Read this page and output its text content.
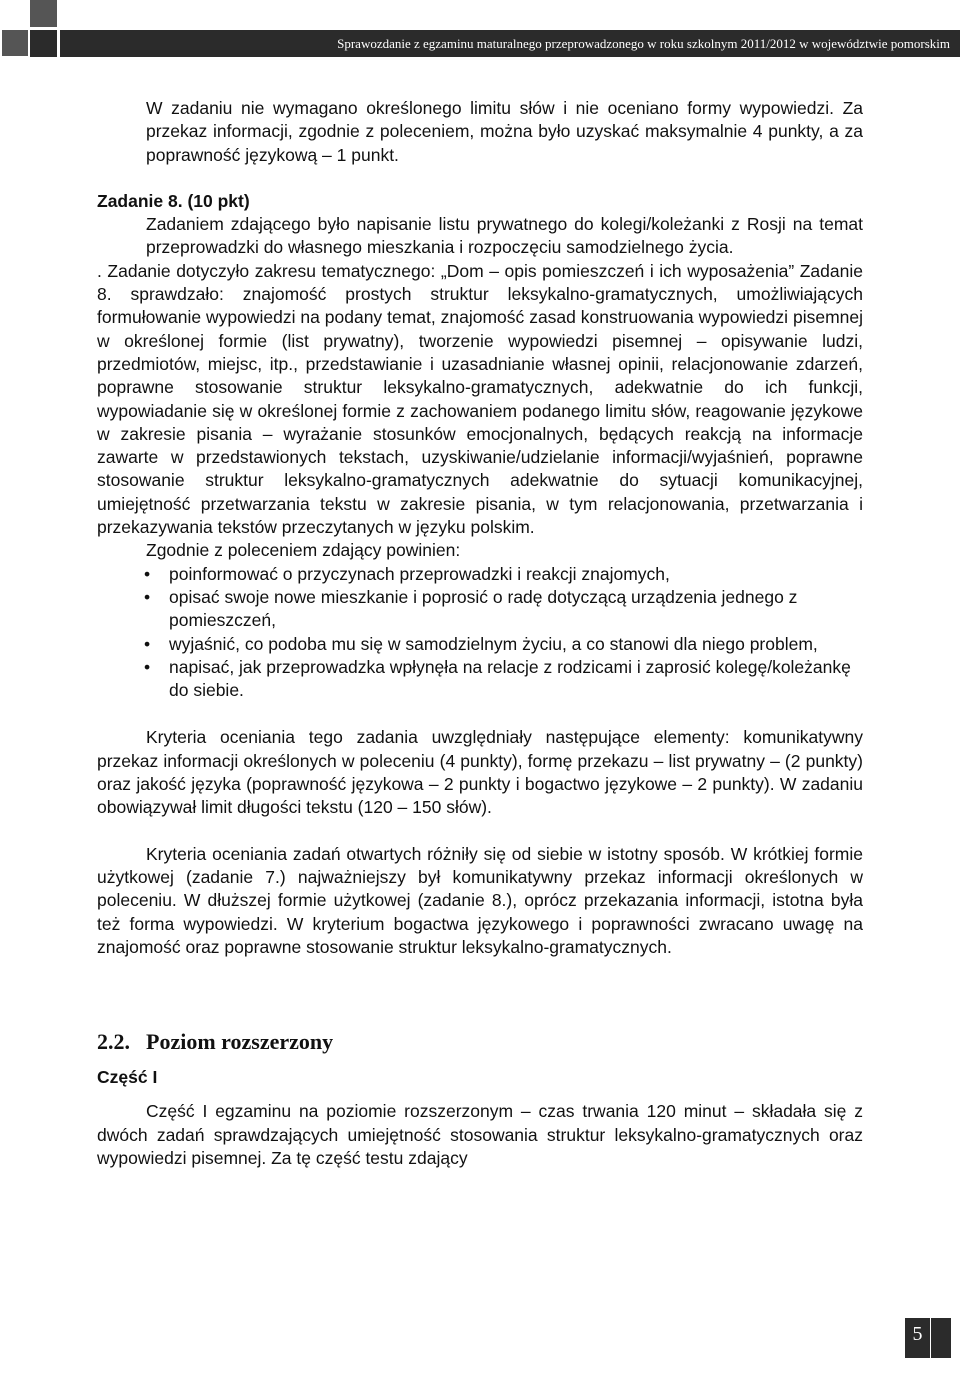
Sprawozdanie z egzaminu maturalnego przeprowadzonego w roku szkolnym 2011/2012 w województwie pomorskim

W zadaniu nie wymagano określonego limitu słów i nie oceniano formy wypowiedzi. Za przekaz informacji, zgodnie z poleceniem, można było uzyskać maksymalnie 4 punkty, a za poprawność językową – 1 punkt.

Zadanie 8. (10 pkt)

Zadaniem zdającego było napisanie listu prywatnego do kolegi/koleżanki z Rosji na temat przeprowadzki do własnego mieszkania i rozpoczęciu samodzielnego życia.

. Zadanie dotyczyło zakresu tematycznego: „Dom – opis pomieszczeń i ich wyposażenia” Zadanie 8. sprawdzało: znajomość prostych struktur leksykalno-gramatycznych, umożliwiających formułowanie wypowiedzi na podany temat, znajomość zasad konstruowania wypowiedzi pisemnej w określonej formie (list prywatny), tworzenie wypowiedzi pisemnej – opisywanie ludzi, przedmiotów, miejsc, itp., przedstawianie i uzasadnianie własnej opinii, relacjonowanie zdarzeń, poprawne stosowanie struktur leksykalno-gramatycznych, adekwatnie do ich funkcji, wypowiadanie się w określonej formie z zachowaniem podanego limitu słów, reagowanie językowe w zakresie pisania – wyrażanie stosunków emocjonalnych, będących reakcją na informacje zawarte w przedstawionych tekstach, uzyskiwanie/udzielanie informacji/wyjaśnień, poprawne stosowanie struktur leksykalno-gramatycznych adekwatnie do sytuacji komunikacyjnej, umiejętność przetwarzania tekstu w zakresie pisania, w tym relacjonowania, przetwarzania i przekazywania tekstów przeczytanych w języku polskim.

Zgodnie z poleceniem zdający powinien:

• poinformować o przyczynach przeprowadzki i reakcji znajomych,
• opisać swoje nowe mieszkanie i poprosić o radę dotyczącą urządzenia jednego z pomieszczeń,
• wyjaśnić, co podoba mu się w samodzielnym życiu, a co stanowi dla niego problem,
• napisać, jak przeprowadzka wpłynęła na relacje z rodzicami i zaprosić kolegę/koleżankę do siebie.

Kryteria oceniania tego zadania uwzględniały następujące elementy: komunikatywny przekaz informacji określonych w poleceniu (4 punkty), formę przekazu – list prywatny – (2 punkty) oraz jakość języka (poprawność językowa – 2 punkty i bogactwo językowe – 2 punkty). W zadaniu obowiązywał limit długości tekstu (120 – 150 słów).

Kryteria oceniania zadań otwartych różniły się od siebie w istotny sposób. W krótkiej formie użytkowej (zadanie 7.) najważniejszy był komunikatywny przekaz informacji określonych w poleceniu. W dłuższej formie użytkowej (zadanie 8.), oprócz przekazania informacji, istotna była też forma wypowiedzi. W kryterium bogactwa językowego i poprawności zwracano uwagę na znajomość oraz poprawne stosowanie struktur leksykalno-gramatycznych.

2.2. Poziom rozszerzony
Część I

Część I egzaminu na poziomie rozszerzonym – czas trwania 120 minut – składała się z dwóch zadań sprawdzających umiejętność stosowania struktur leksykalno-gramatycznych oraz wypowiedzi pisemnej. Za tę część testu zdający

5
